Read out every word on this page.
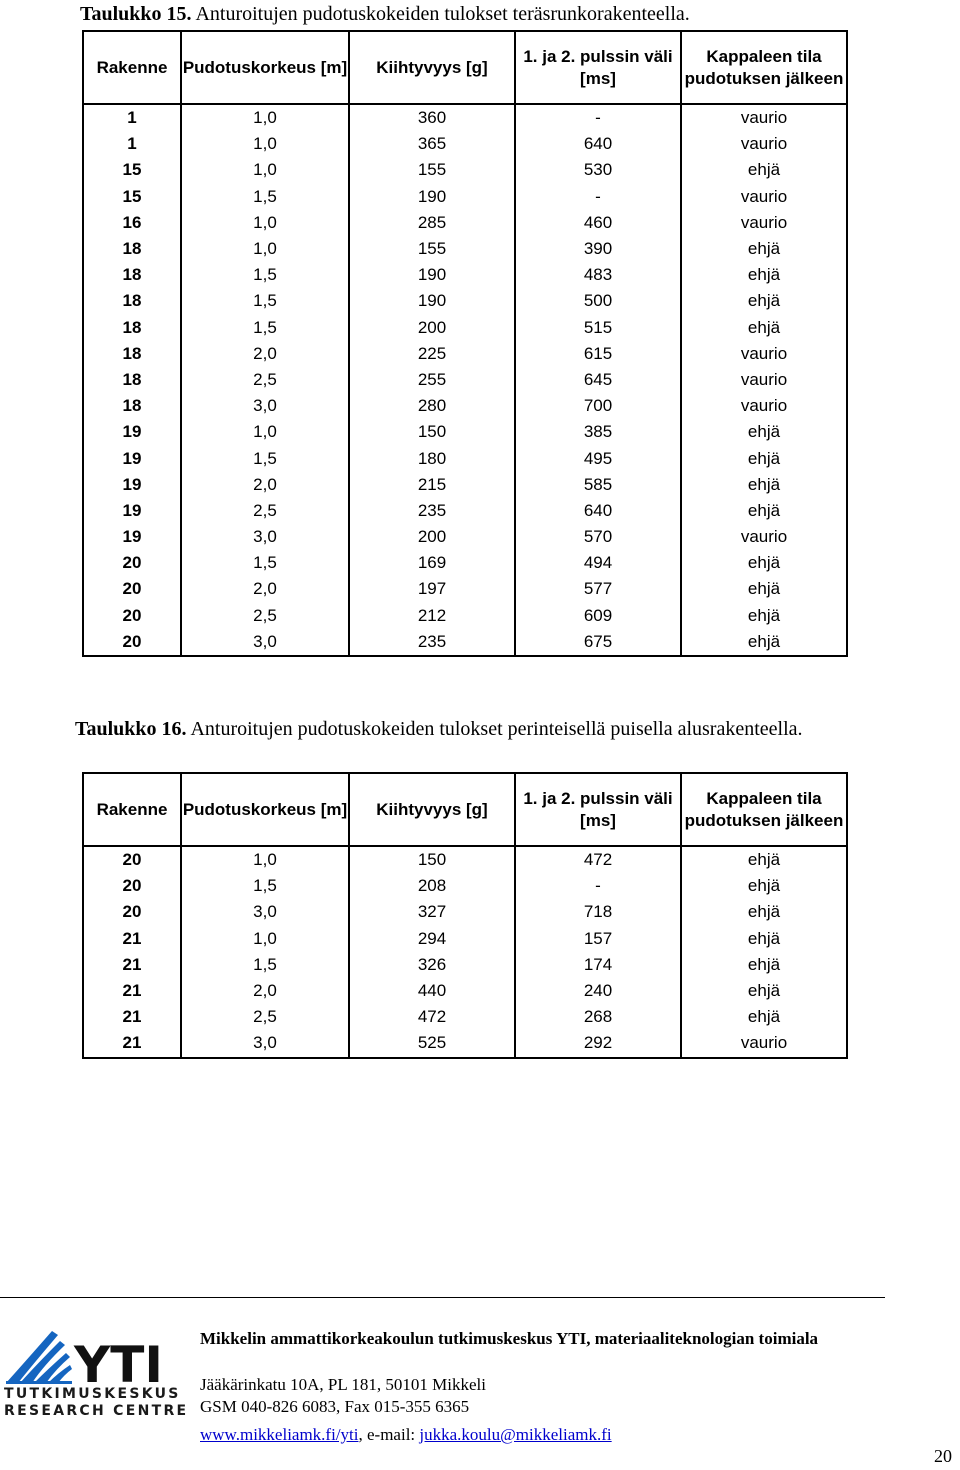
Taulukko 15. Anturoitujen pudotuskokeiden tulokset teräsrunkorakenteella.
Rakenne	Pudotuskorkeus [m]	Kiihtyvyys [g]	1. ja 2. pulssin väli [ms]	Kappaleen tila pudotuksen jälkeen
1	1,0	360	-	vaurio
1	1,0	365	640	vaurio
15	1,0	155	530	ehjä
15	1,5	190	-	vaurio
16	1,0	285	460	vaurio
18	1,0	155	390	ehjä
18	1,5	190	483	ehjä
18	1,5	190	500	ehjä
18	1,5	200	515	ehjä
18	2,0	225	615	vaurio
18	2,5	255	645	vaurio
18	3,0	280	700	vaurio
19	1,0	150	385	ehjä
19	1,5	180	495	ehjä
19	2,0	215	585	ehjä
19	2,5	235	640	ehjä
19	3,0	200	570	vaurio
20	1,5	169	494	ehjä
20	2,0	197	577	ehjä
20	2,5	212	609	ehjä
20	3,0	235	675	ehjä
Taulukko 16. Anturoitujen pudotuskokeiden tulokset perinteisellä puisella alusrakenteella.
Rakenne	Pudotuskorkeus [m]	Kiihtyvyys [g]	1. ja 2. pulssin väli [ms]	Kappaleen tila pudotuksen jälkeen
20	1,0	150	472	ehjä
20	1,5	208	-	ehjä
20	3,0	327	718	ehjä
21	1,0	294	157	ehjä
21	1,5	326	174	ehjä
21	2,0	440	240	ehjä
21	2,5	472	268	ehjä
21	3,0	525	292	vaurio
YTI
TUTKIMUSKESKUS
RESEARCH CENTRE
Mikkelin ammattikorkeakoulun tutkimuskeskus YTI, materiaaliteknologian toimiala
Jääkärinkatu 10A, PL 181, 50101 Mikkeli
GSM 040-826 6083, Fax 015-355 6365
www.mikkeliamk.fi/yti, e-mail: jukka.koulu@mikkeliamk.fi
20
